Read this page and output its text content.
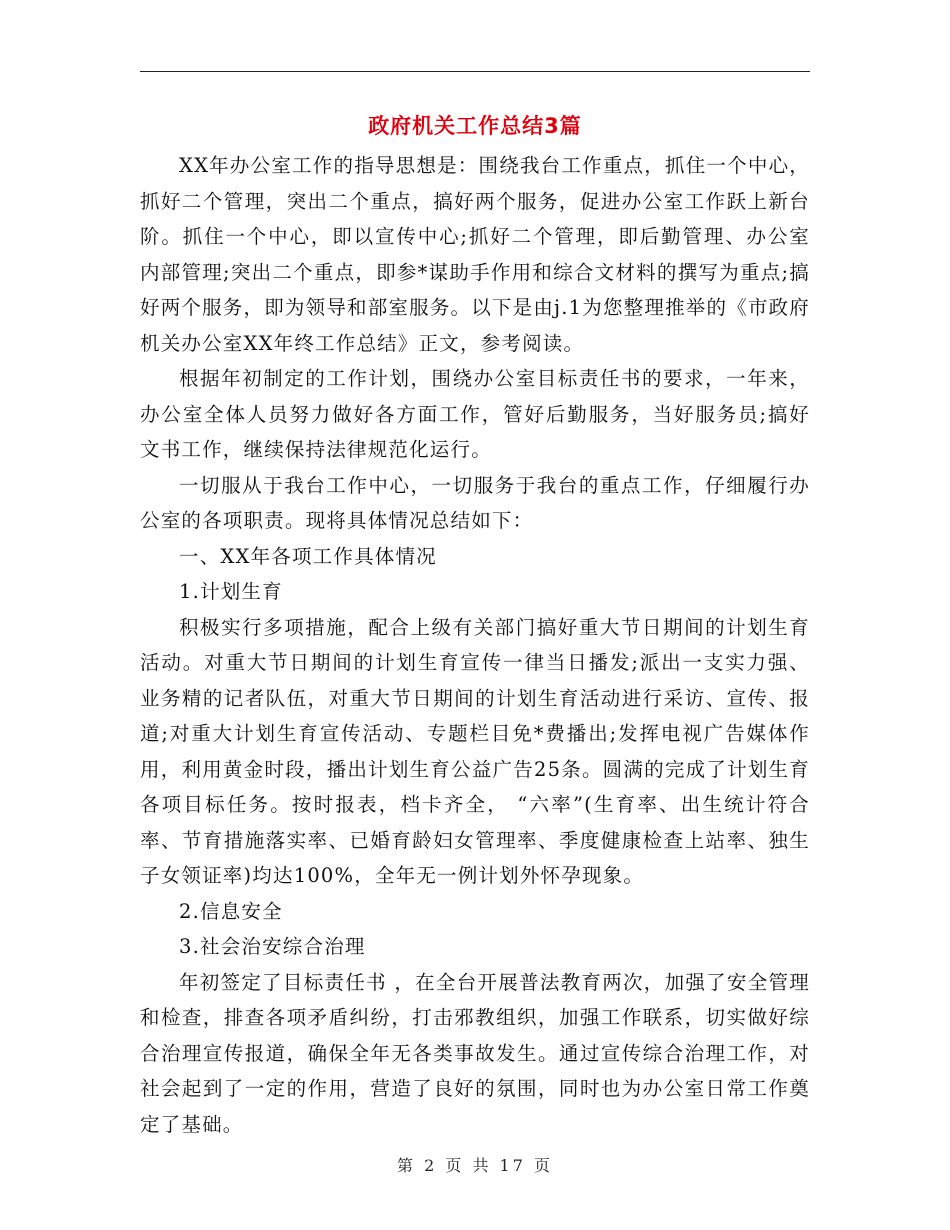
政府机关工作总结3篇

XX年办公室工作的指导思想是：围绕我台工作重点，抓住一个中心，抓好二个管理，突出二个重点，搞好两个服务，促进办公室工作跃上新台阶。抓住一个中心，即以宣传中心;抓好二个管理，即后勤管理、办公室内部管理;突出二个重点，即参*谋助手作用和综合文材料的撰写为重点;搞好两个服务，即为领导和部室服务。以下是由j.1为您整理推举的《市政府机关办公室XX年终工作总结》正文，参考阅读。

根据年初制定的工作计划，围绕办公室目标责任书的要求，一年来，办公室全体人员努力做好各方面工作，管好后勤服务，当好服务员;搞好文书工作，继续保持法律规范化运行。

一切服从于我台工作中心，一切服务于我台的重点工作，仔细履行办公室的各项职责。现将具体情况总结如下：

一、XX年各项工作具体情况

1.计划生育

积极实行多项措施，配合上级有关部门搞好重大节日期间的计划生育活动。对重大节日期间的计划生育宣传一律当日播发;派出一支实力强、业务精的记者队伍，对重大节日期间的计划生育活动进行采访、宣传、报道;对重大计划生育宣传活动、专题栏目免*费播出;发挥电视广告媒体作用，利用黄金时段，播出计划生育公益广告25条。圆满的完成了计划生育各项目标任务。按时报表，档卡齐全， “六率”(生育率、出生统计符合 率、节育措施落实率、已婚育龄妇女管理率、季度健康检查上站率、独生子女领证率)均达100%，全年无一例计划外怀孕现象。

2.信息安全

3.社会治安综合治理

年初签定了目标责任书 ，在全台开展普法教育两次，加强了安全管理和检查，排查各项矛盾纠纷，打击邪教组织，加强工作联系，切实做好综合治理宣传报道，确保全年无各类事故发生。通过宣传综合治理工作，对社会起到了一定的作用，营造了良好的氛围，同时也为办公室日常工作奠定了基础。

第 2 页 共 17 页
